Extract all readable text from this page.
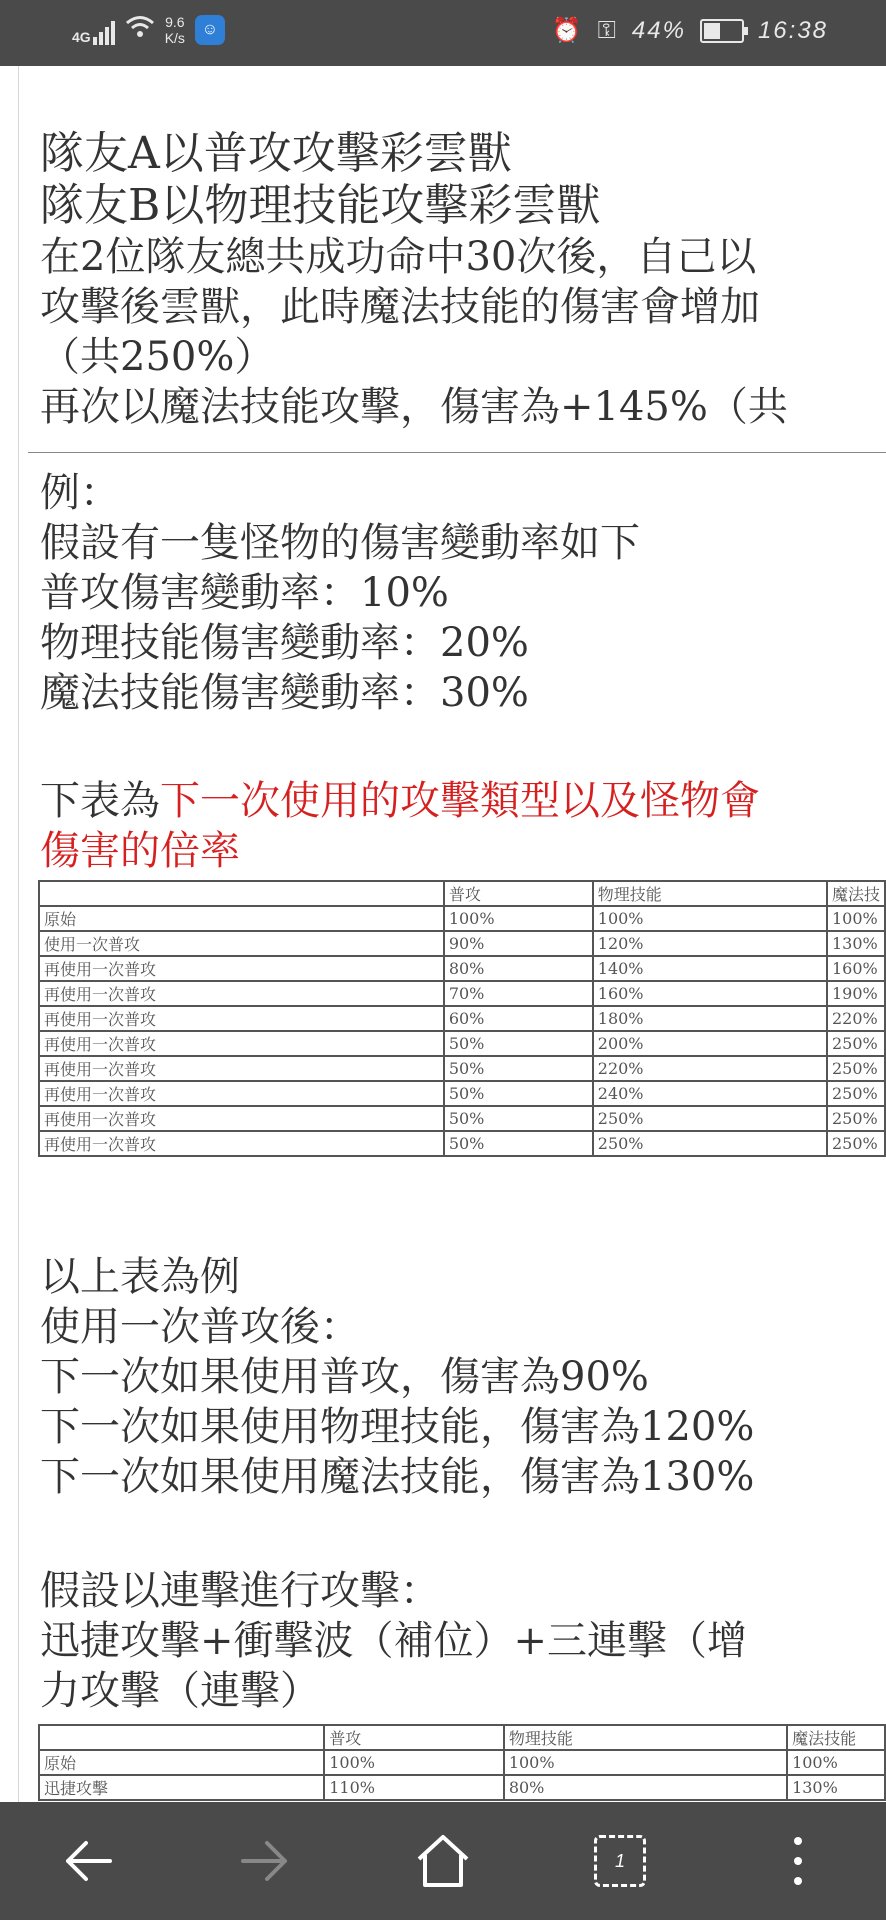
4G
9.6
K/s	☺	⏰ ⚿ 44%	16:38
隊友A以普攻攻擊彩雲獸
隊友B以物理技能攻擊彩雲獸
在2位隊友總共成功命中30次後，自己以
攻擊後雲獸，此時魔法技能的傷害會增加
（共250%）
再次以魔法技能攻擊，傷害為+145%（共
例：
假設有一隻怪物的傷害變動率如下
普攻傷害變動率：10%
物理技能傷害變動率：20%
魔法技能傷害變動率：30%
下表為下一次使用的攻擊類型以及怪物會
傷害的倍率
	普攻	物理技能	魔法技
原始	100%	100%	100%
使用一次普攻	90%	120%	130%
再使用一次普攻	80%	140%	160%
再使用一次普攻	70%	160%	190%
再使用一次普攻	60%	180%	220%
再使用一次普攻	50%	200%	250%
再使用一次普攻	50%	220%	250%
再使用一次普攻	50%	240%	250%
再使用一次普攻	50%	250%	250%
再使用一次普攻	50%	250%	250%
以上表為例
使用一次普攻後：
下一次如果使用普攻，傷害為90%
下一次如果使用物理技能，傷害為120%
下一次如果使用魔法技能，傷害為130%
假設以連擊進行攻擊：
迅捷攻擊+衝擊波（補位）+三連擊（增
力攻擊（連擊）
	普攻	物理技能	魔法技能
原始	100%	100%	100%
迅捷攻擊	110%	80%	130%
1
